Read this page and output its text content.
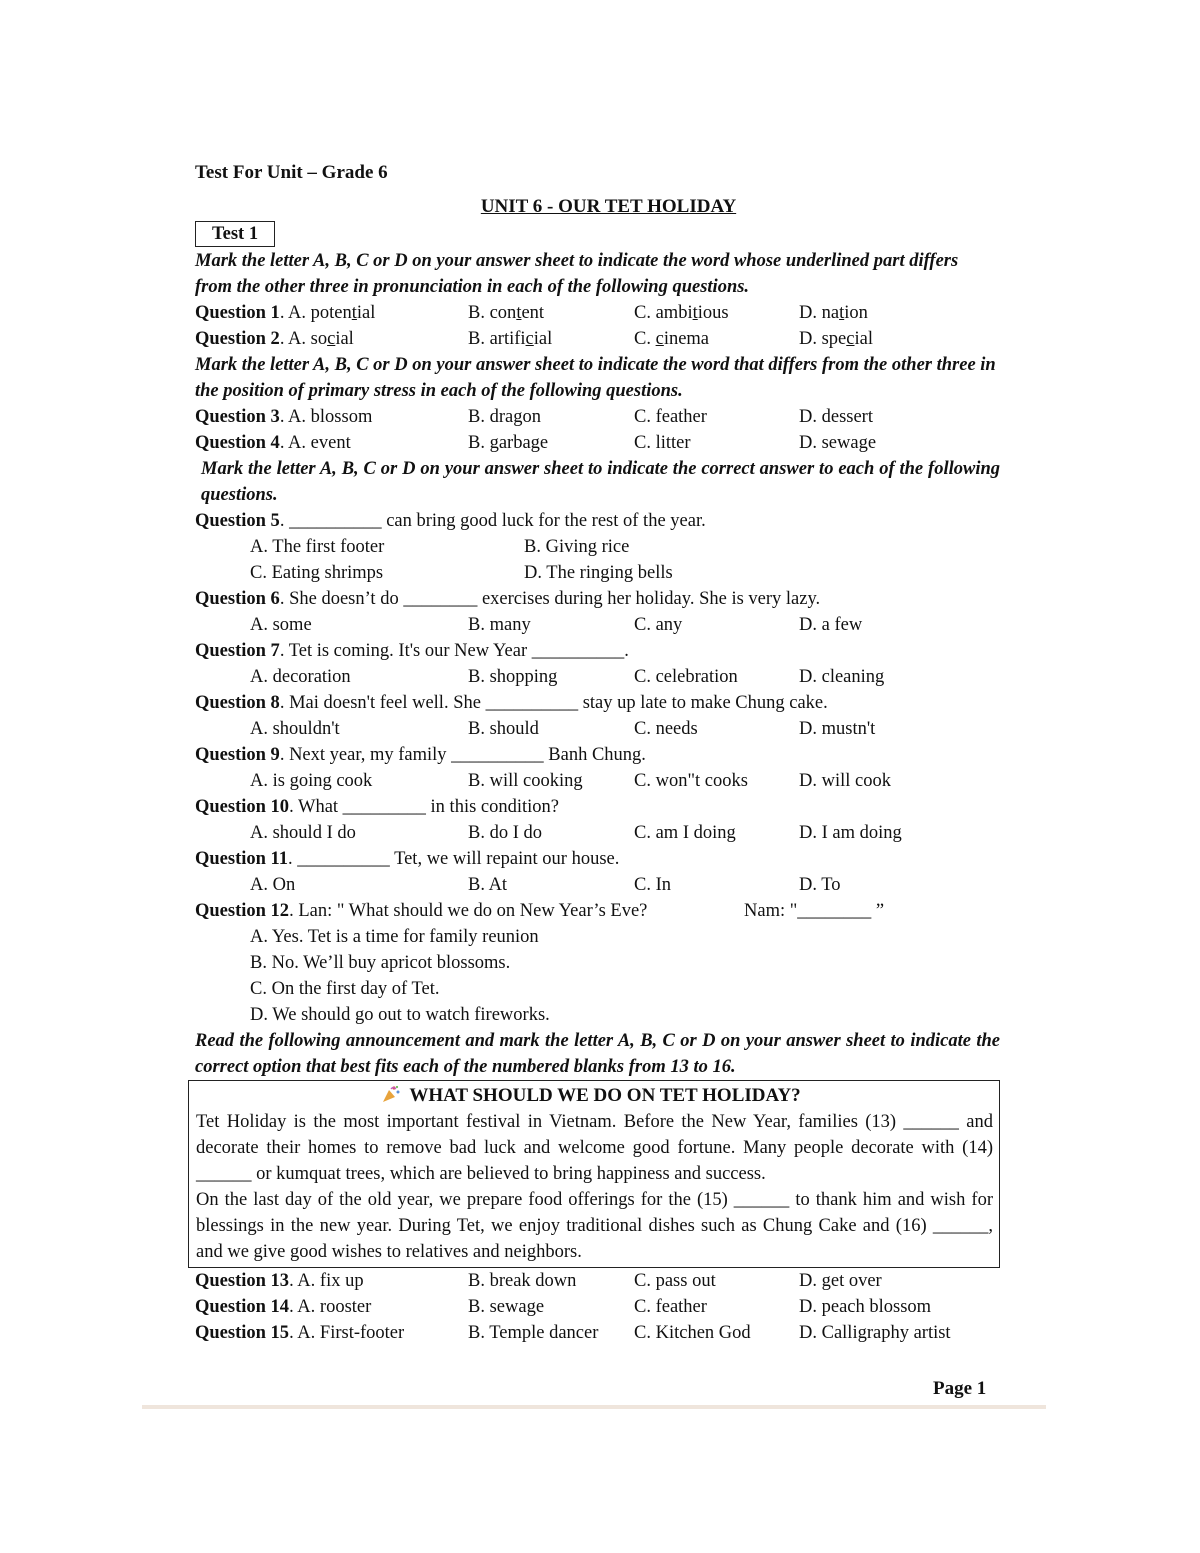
Test For Unit – Grade 6
UNIT 6 - OUR TET HOLIDAY
Test 1
Mark the letter A, B, C or D on your answer sheet to indicate the word whose underlined part differs from the other three in pronunciation in each of the following questions.
Question 1. A. potential	B. content	C. ambitious	D. nation
Question 2. A. social	B. artificial	C. cinema	D. special
Mark the letter A, B, C or D on your answer sheet to indicate the word that differs from the other three in the position of primary stress in each of the following questions.
Question 3. A. blossom	B. dragon	C. feather	D. dessert
Question 4. A. event	B. garbage	C. litter	D. sewage
Mark the letter A, B, C or D on your answer sheet to indicate the correct answer to each of the following questions.
Question 5. __________ can bring good luck for the rest of the year.
A. The first footer	B. Giving rice
C. Eating shrimps	D. The ringing bells
Question 6. She doesn’t do ________ exercises during her holiday. She is very lazy.
A. some	B. many	C. any	D. a few
Question 7. Tet is coming. It's our New Year __________.
A. decoration	B. shopping	C. celebration	D. cleaning
Question 8. Mai doesn't feel well. She __________ stay up late to make Chung cake.
A. shouldn't	B. should	C. needs	D. mustn't
Question 9. Next year, my family __________ Banh Chung.
A. is going cook	B. will cooking	C. won"t cooks	D. will cook
Question 10. What _________ in this condition?
A. should I do	B. do I do	C. am I doing	D. I am doing
Question 11. __________ Tet, we will repaint our house.
A. On	B. At	C. In	D. To
Question 12. Lan: " What should we do on New Year’s Eve?	Nam: "________ ”
A. Yes. Tet is a time for family reunion
B. No. We’ll buy apricot blossoms.
C. On the first day of Tet.
D. We should go out to watch fireworks.
Read the following announcement and mark the letter A, B, C or D on your answer sheet to indicate the correct option that best fits each of the numbered blanks from 13 to 16.
WHAT SHOULD WE DO ON TET HOLIDAY?

Tet Holiday is the most important festival in Vietnam. Before the New Year, families (13) ______ and decorate their homes to remove bad luck and welcome good fortune. Many people decorate with (14) ______ or kumquat trees, which are believed to bring happiness and success.

On the last day of the old year, we prepare food offerings for the (15) ______ to thank him and wish for blessings in the new year. During Tet, we enjoy traditional dishes such as Chung Cake and (16) ______, and we give good wishes to relatives and neighbors.

Question 13. A. fix up	B. break down	C. pass out	D. get over
Question 14. A. rooster	B. sewage	C. feather	D. peach blossom
Question 15. A. First-footer	B. Temple dancer C. Kitchen God	D. Calligraphy artist
Page 1
